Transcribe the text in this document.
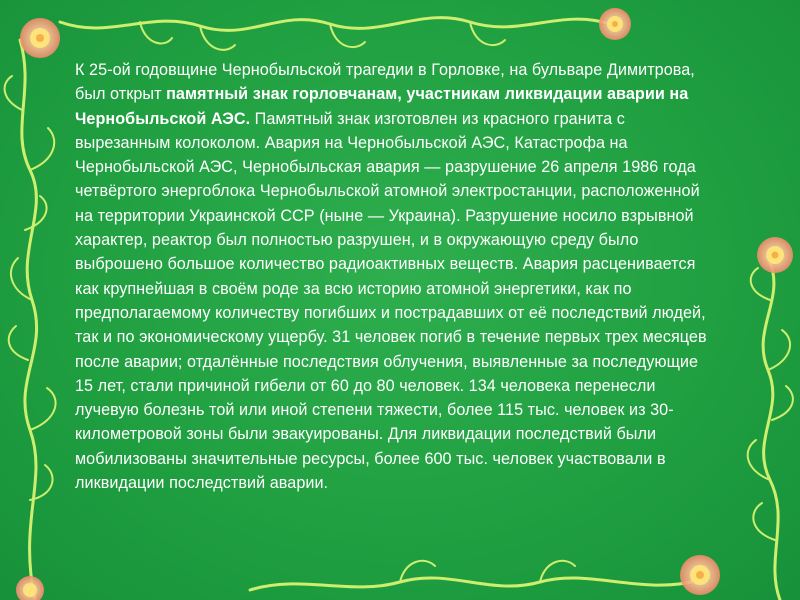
К 25-ой годовщине Чернобыльской трагедии в Горловке, на бульваре Димитрова, был открыт памятный знак горловчанам, участникам ликвидации аварии на Чернобыльской АЭС. Памятный знак изготовлен из красного гранита с вырезанным колоколом. Авария на Чернобыльской АЭС, Катастрофа на Чернобыльской АЭС, Чернобыльская авария — разрушение 26 апреля 1986 года четвёртого энергоблока Чернобыльской атомной электростанции, расположенной на территории Украинской ССР (ныне — Украина). Разрушение носило взрывной характер, реактор был полностью разрушен, и в окружающую среду было выброшено большое количество радиоактивных веществ. Авария расценивается как крупнейшая в своём роде за всю историю атомной энергетики, как по предполагаемому количеству погибших и пострадавших от её последствий людей, так и по экономическому ущербу. 31 человек погиб в течение первых трех месяцев после аварии; отдалённые последствия облучения, выявленные за последующие 15 лет, стали причиной гибели от 60 до 80 человек. 134 человека перенесли лучевую болезнь той или иной степени тяжести, более 115 тыс. человек из 30-километровой зоны были эвакуированы. Для ликвидации последствий были мобилизованы значительные ресурсы, более 600 тыс. человек участвовали в ликвидации последствий аварии.
